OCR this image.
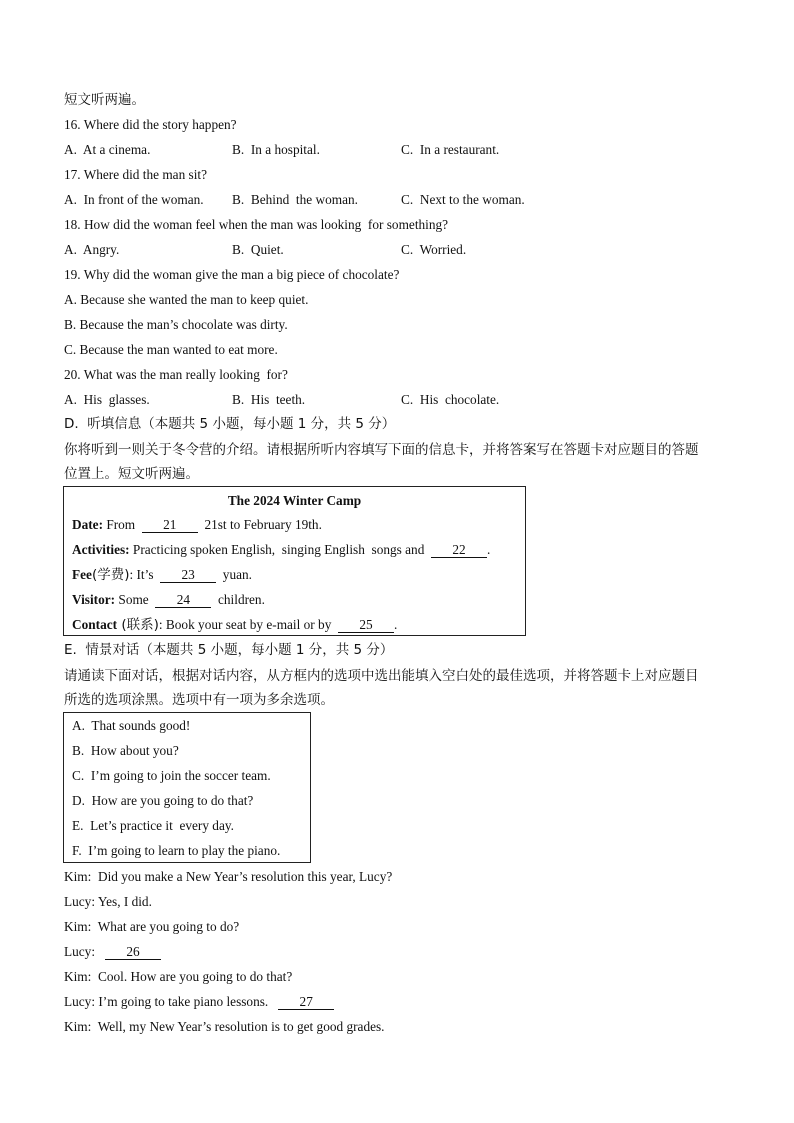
短文听两遍。
16. Where did the story happen?

A.  At a cinema.

	B.  In a hospital.

	C.  In a restaurant.

17. Where did the man sit?

A.  In front of the woman.

B.  Behind  the woman.

	C.  Next to the woman.

18. How did the woman feel when the man was looking  for something?

A.  Angry.

	B.  Quiet.

	C.  Worried.

19. Why did the woman give the man a big piece of chocolate?
A. Because she wanted the man to keep quiet.
B. Because the man’s chocolate was dirty.
C. Because the man wanted to eat more.
20. What was the man really looking  for?

A.  His  glasses.

	B.  His  teeth.

	C.  His  chocolate.

D.  听填信息（本题共 5 小题，每小题 1 分，共 5 分）
你将听到一则关于冬令营的介绍。请根据所听内容填写下面的信息卡，并将答案写在答题卡对应题目的答题
位置上。短文听两遍。
The 2024 Winter Camp
Date: From  21  21st to February 19th.
Activities: Practicing spoken English,  singing English  songs and  22 .
Fee(学费): It’s  23  yuan.
Visitor: Some  24  children.
Contact (联系): Book your seat by e-mail or by  25 .
E.  情景对话（本题共 5 小题，每小题 1 分，共 5 分）
请通读下面对话，根据对话内容，从方框内的选项中选出能填入空白处的最佳选项，并将答题卡上对应题目
所选的选项涂黑。选项中有一项为多余选项。
A.  That sounds good!
B.  How about you?
C.  I’m going to join the soccer team.
D.  How are you going to do that?
E.  Let’s practice it  every day.
F.  I’m going to learn to play the piano.
Kim:  Did you make a New Year’s resolution this year, Lucy?
Lucy: Yes, I did.
Kim:  What are you going to do?
Lucy:   26
Kim:  Cool. How are you going to do that?
Lucy: I’m going to take piano lessons.   27
Kim:  Well, my New Year’s resolution is to get good grades.
